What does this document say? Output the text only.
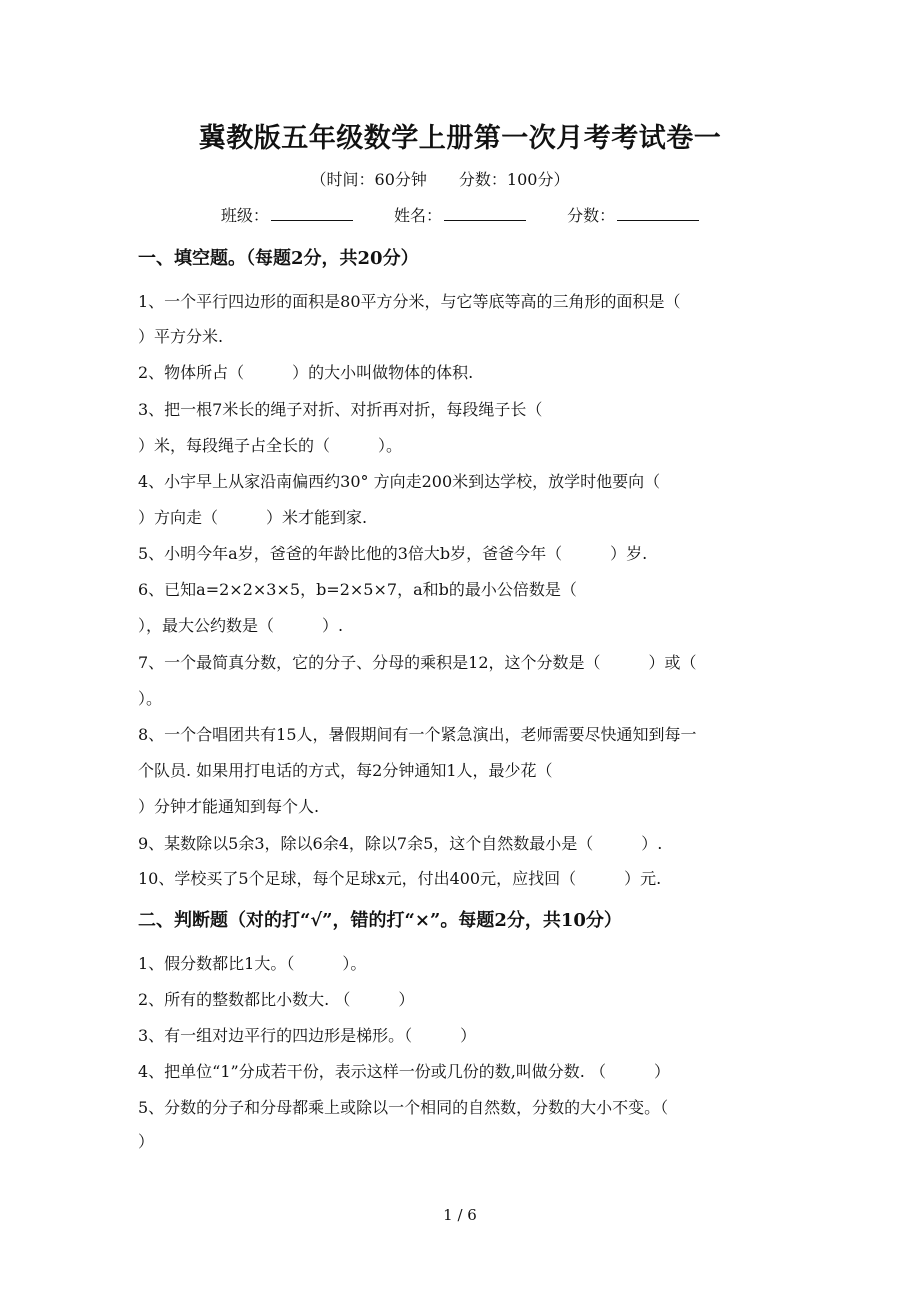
冀教版五年级数学上册第一次月考考试卷一
（时间：60分钟　　分数：100分）
班级：	姓名：	分数：
一、填空题。（每题2分，共20分）
1、一个平行四边形的面积是80平方分米，与它等底等高的三角形的面积是（
）平方分米.
2、物体所占（　　　）的大小叫做物体的体积.
3、把一根7米长的绳子对折、对折再对折，每段绳子长（
）米，每段绳子占全长的（　　　）。
4、小宇早上从家沿南偏西约30° 方向走200米到达学校，放学时他要向（
）方向走（　　　）米才能到家.
5、小明今年a岁，爸爸的年龄比他的3倍大b岁，爸爸今年（　　　）岁.
6、已知a=2×2×3×5，b=2×5×7，a和b的最小公倍数是（
），最大公约数是（　　　）.
7、一个最简真分数，它的分子、分母的乘积是12，这个分数是（　　　）或（
）。
8、一个合唱团共有15人，暑假期间有一个紧急演出，老师需要尽快通知到每一
个队员. 如果用打电话的方式，每2分钟通知1人，最少花（
）分钟才能通知到每个人.
9、某数除以5余3，除以6余4，除以7余5，这个自然数最小是（　　　）.
10、学校买了5个足球，每个足球x元，付出400元，应找回（　　　）元.
二、判断题（对的打“√”，错的打“×”。每题2分，共10分）
1、假分数都比1大。（　　　）。
2、所有的整数都比小数大. （　　　）
3、有一组对边平行的四边形是梯形。（　　　）
4、把单位“1”分成若干份，表示这样一份或几份的数,叫做分数. （　　　）
5、分数的分子和分母都乘上或除以一个相同的自然数，分数的大小不变。（
）
1 / 6
